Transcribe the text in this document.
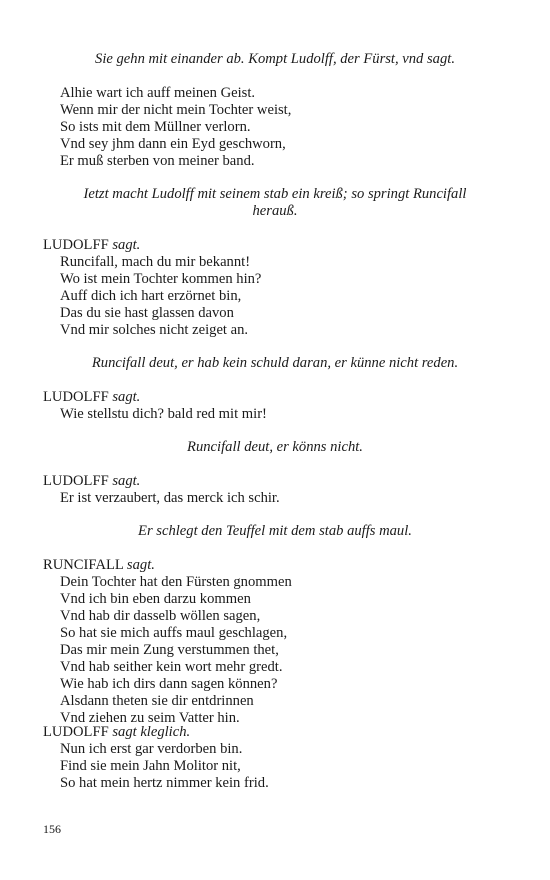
Sie gehn mit einander ab. Kompt Ludolff, der Fürst, vnd sagt.
Alhie wart ich auff meinen Geist.
Wenn mir der nicht mein Tochter weist,
So ists mit dem Müllner verlorn.
Vnd sey jhm dann ein Eyd geschworn,
Er muß sterben von meiner band.
Ietzt macht Ludolff mit seinem stab ein kreiß; so springt Runcifall
herauß.
LUDOLFF sagt.
Runcifall, mach du mir bekannt!
Wo ist mein Tochter kommen hin?
Auff dich ich hart erzörnet bin,
Das du sie hast glassen davon
Vnd mir solches nicht zeiget an.
Runcifall deut, er hab kein schuld daran, er künne nicht reden.
LUDOLFF sagt.
Wie stellstu dich? bald red mit mir!
Runcifall deut, er könns nicht.
LUDOLFF sagt.
Er ist verzaubert, das merck ich schir.
Er schlegt den Teuffel mit dem stab auffs maul.
RUNCIFALL sagt.
Dein Tochter hat den Fürsten gnommen
Vnd ich bin eben darzu kommen
Vnd hab dir dasselb wöllen sagen,
So hat sie mich auffs maul geschlagen,
Das mir mein Zung verstummen thet,
Vnd hab seither kein wort mehr gredt.
Wie hab ich dirs dann sagen können?
Alsdann theten sie dir entdrinnen
Vnd ziehen zu seim Vatter hin.
LUDOLFF sagt kleglich.
Nun ich erst gar verdorben bin.
Find sie mein Jahn Molitor nit,
So hat mein hertz nimmer kein frid.
156
